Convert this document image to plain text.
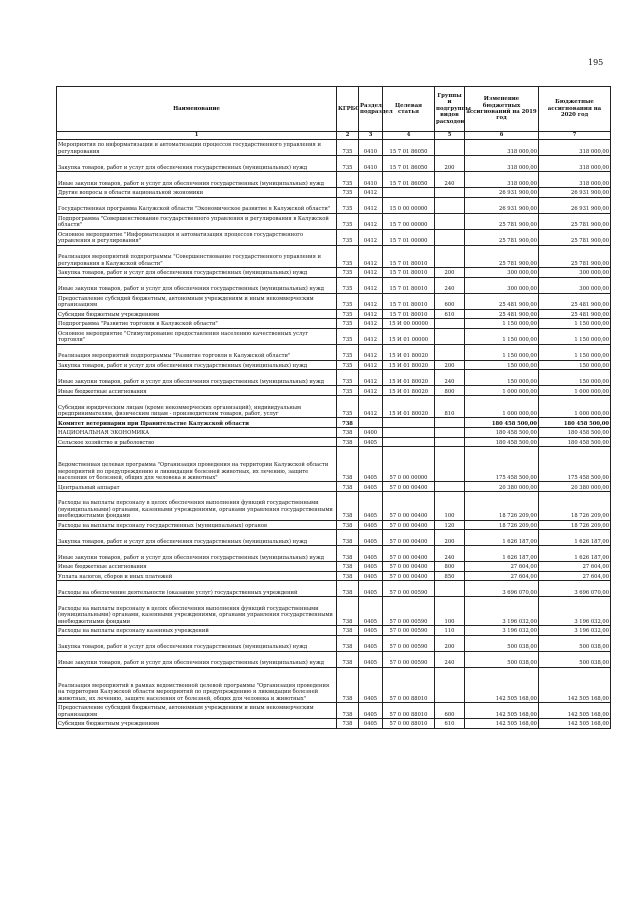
195
Наименование	КГРБС	Раздел, подраздел	Целевая статья	Группы и подгруппы видов расходов	Изменение бюджетных ассигнований на 2019 год	Бюджетные ассигнования на 2020 год
1	2	3	4	5	6	7
Мероприятия по информатизации и автоматизации процессов государственного управления и регулирования	735	0410	15 7 01 86050		318 000,00	318 000,00
Закупка товаров, работ и услуг для обеспечения государственных (муниципальных) нужд	735	0410	15 7 01 86050	200	318 000,00	318 000,00
Иные закупки товаров, работ и услуг для обеспечения государственных (муниципальных) нужд	735	0410	15 7 01 86050	240	318 000,00	318 000,00
Другие вопросы в области национальной экономики	735	0412			26 931 900,00	26 931 900,00
Государственная программа Калужской области "Экономическое развитие в Калужской области"	735	0412	15 0 00 00000		26 931 900,00	26 931 900,00
Подпрограмма "Совершенствование государственного управления и регулирования в Калужской области"	735	0412	15 7 00 00000		25 781 900,00	25 781 900,00
Основное мероприятие "Информатизация и автоматизация процессов государственного управления и регулирования"	735	0412	15 7 01 00000		25 781 900,00	25 781 900,00
Реализация мероприятий подпрограммы "Совершенствование государственного управления и регулирования в Калужской области"	735	0412	15 7 01 80010		25 781 900,00	25 781 900,00
Закупка товаров, работ и услуг для обеспечения государственных (муниципальных) нужд	735	0412	15 7 01 80010	200	300 000,00	300 000,00
Иные закупки товаров, работ и услуг для обеспечения государственных (муниципальных) нужд	735	0412	15 7 01 80010	240	300 000,00	300 000,00
Предоставление субсидий бюджетным, автономным учреждениям и иным некоммерческим организациям	735	0412	15 7 01 80010	600	25 481 900,00	25 481 900,00
Субсидии бюджетным учреждениям	735	0412	15 7 01 80010	610	25 481 900,00	25 481 900,00
Подпрограмма "Развитие торговли в Калужской области"	735	0412	15 И 00 00000		1 150 000,00	1 150 000,00
Основное мероприятие "Стимулирование предоставления населению качественных услуг торговли"	735	0412	15 И 01 00000		1 150 000,00	1 150 000,00
Реализация мероприятий подпрограммы "Развитие торговли в Калужской области"	735	0412	15 И 01 80020		1 150 000,00	1 150 000,00
Закупка товаров, работ и услуг для обеспечения государственных (муниципальных) нужд	735	0412	15 И 01 80020	200	150 000,00	150 000,00
Иные закупки товаров, работ и услуг для обеспечения государственных (муниципальных) нужд	735	0412	15 И 01 80020	240	150 000,00	150 000,00
Иные бюджетные ассигнования	735	0412	15 И 01 80020	800	1 000 000,00	1 000 000,00
Субсидии юридическим лицам (кроме некоммерческих организаций), индивидуальным предпринимателям, физическим лицам - производителям товаров, работ, услуг	735	0412	15 И 01 80020	810	1 000 000,00	1 000 000,00
Комитет ветеринарии при Правительстве Калужской области	738				180 458 500,00	180 458 500,00
НАЦИОНАЛЬНАЯ ЭКОНОМИКА	738	0400			180 458 500,00	180 458 500,00
Сельское хозяйство и рыболовство	738	0405			180 458 500,00	180 458 500,00
Ведомственная целевая программа "Организация проведения на территории Калужской области мероприятий по предупреждению и ликвидации болезней животных, их лечению, защите населения от болезней, общих для человека и животных"	738	0405	57 0 00 00000		175 458 500,00	175 458 500,00
Центральный аппарат	738	0405	57 0 00 00400		20 380 000,00	20 380 000,00
Расходы на выплаты персоналу в целях обеспечения выполнения функций государственными (муниципальными) органами, казенными учреждениями, органами управления государственными внебюджетными фондами	738	0405	57 0 00 00400	100	18 726 209,00	18 726 209,00
Расходы на выплаты персоналу государственных (муниципальных) органов	738	0405	57 0 00 00400	120	18 726 209,00	18 726 209,00
Закупка товаров, работ и услуг для обеспечения государственных (муниципальных) нужд	738	0405	57 0 00 00400	200	1 626 187,00	1 626 187,00
Иные закупки товаров, работ и услуг для обеспечения государственных (муниципальных) нужд	738	0405	57 0 00 00400	240	1 626 187,00	1 626 187,00
Иные бюджетные ассигнования	738	0405	57 0 00 00400	800	27 604,00	27 604,00
Уплата налогов, сборов и иных платежей	738	0405	57 0 00 00400	850	27 604,00	27 604,00
Расходы на обеспечение деятельности (оказание услуг) государственных учреждений	738	0405	57 0 00 00590		3 696 070,00	3 696 070,00
Расходы на выплаты персоналу в целях обеспечения выполнения функций государственными (муниципальными) органами, казенными учреждениями, органами управления государственными внебюджетными фондами	738	0405	57 0 00 00590	100	3 196 032,00	3 196 032,00
Расходы на выплаты персоналу казенных учреждений	738	0405	57 0 00 00590	110	3 196 032,00	3 196 032,00
Закупка товаров, работ и услуг для обеспечения государственных (муниципальных) нужд	738	0405	57 0 00 00590	200	500 038,00	500 038,00
Иные закупки товаров, работ и услуг для обеспечения государственных (муниципальных) нужд	738	0405	57 0 00 00590	240	500 038,00	500 038,00
Реализация мероприятий в рамках ведомственной целевой программы "Организация проведения на территории Калужской области мероприятий по предупреждению и ликвидации болезней животных, их лечению, защите населения от болезней, общих для человека и животных"	738	0405	57 0 00 88010		142 505 168,00	142 505 168,00
Предоставление субсидий бюджетным, автономным учреждениям и иным некоммерческим организациям	738	0405	57 0 00 88010	600	142 505 168,00	142 505 168,00
Субсидии бюджетным учреждениям	738	0405	57 0 00 88010	610	142 505 168,00	142 505 168,00
